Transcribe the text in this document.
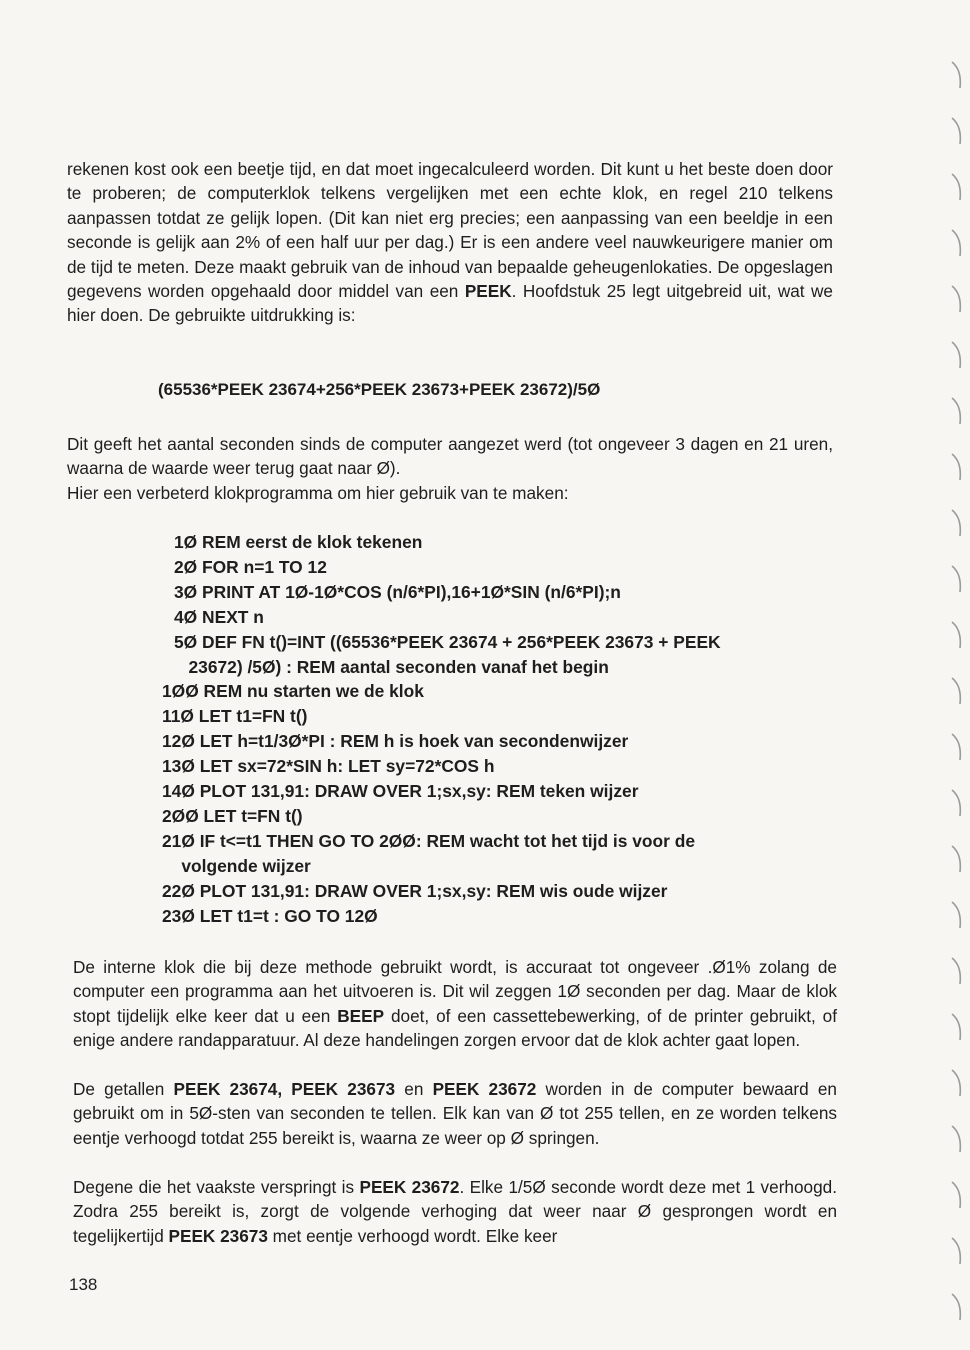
rekenen kost ook een beetje tijd, en dat moet ingecalculeerd worden. Dit kunt u het beste doen door te proberen; de computerklok telkens vergelijken met een echte klok, en regel 210 telkens aanpassen totdat ze gelijk lopen. (Dit kan niet erg precies; een aanpassing van een beeldje in een seconde is gelijk aan 2% of een half uur per dag.) Er is een andere veel nauwkeurigere manier om de tijd te meten. Deze maakt gebruik van de inhoud van bepaalde geheugenlokaties. De opgeslagen gegevens worden opgehaald door middel van een PEEK. Hoofdstuk 25 legt uitgebreid uit, wat we hier doen. De gebruikte uitdrukking is:
(65536*PEEK 23674+256*PEEK 23673+PEEK 23672)/5Ø
Dit geeft het aantal seconden sinds de computer aangezet werd (tot ongeveer 3 dagen en 21 uren, waarna de waarde weer terug gaat naar Ø).
Hier een verbeterd klokprogramma om hier gebruik van te maken:
1Ø REM eerst de klok tekenen
2Ø FOR n=1 TO 12
3Ø PRINT AT 1Ø-1Ø*COS (n/6*PI),16+1Ø*SIN (n/6*PI);n
4Ø NEXT n
5Ø DEF FN t()=INT ((65536*PEEK 23674 + 256*PEEK 23673 + PEEK
23672) /5Ø) : REM aantal seconden vanaf het begin
1ØØ REM nu starten we de klok
11Ø LET t1=FN t()
12Ø LET h=t1/3Ø*PI : REM h is hoek van secondenwijzer
13Ø LET sx=72*SIN h: LET sy=72*COS h
14Ø PLOT 131,91: DRAW OVER 1;sx,sy: REM teken wijzer
2ØØ LET t=FN t()
21Ø IF t<=t1 THEN GO TO 2ØØ: REM wacht tot het tijd is voor de
volgende wijzer
22Ø PLOT 131,91: DRAW OVER 1;sx,sy: REM wis oude wijzer
23Ø LET t1=t : GO TO 12Ø
De interne klok die bij deze methode gebruikt wordt, is accuraat tot ongeveer .Ø1% zolang de computer een programma aan het uitvoeren is. Dit wil zeggen 1Ø seconden per dag. Maar de klok stopt tijdelijk elke keer dat u een BEEP doet, of een cassettebewerking, of de printer gebruikt, of enige andere randapparatuur. Al deze handelingen zorgen ervoor dat de klok achter gaat lopen.
De getallen PEEK 23674, PEEK 23673 en PEEK 23672 worden in de computer bewaard en gebruikt om in 5Ø-sten van seconden te tellen. Elk kan van Ø tot 255 tellen, en ze worden telkens eentje verhoogd totdat 255 bereikt is, waarna ze weer op Ø springen.
Degene die het vaakste verspringt is PEEK 23672. Elke 1/5Ø seconde wordt deze met 1 verhoogd. Zodra 255 bereikt is, zorgt de volgende verhoging dat weer naar Ø gesprongen wordt en tegelijkertijd PEEK 23673 met eentje verhoogd wordt. Elke keer
138
